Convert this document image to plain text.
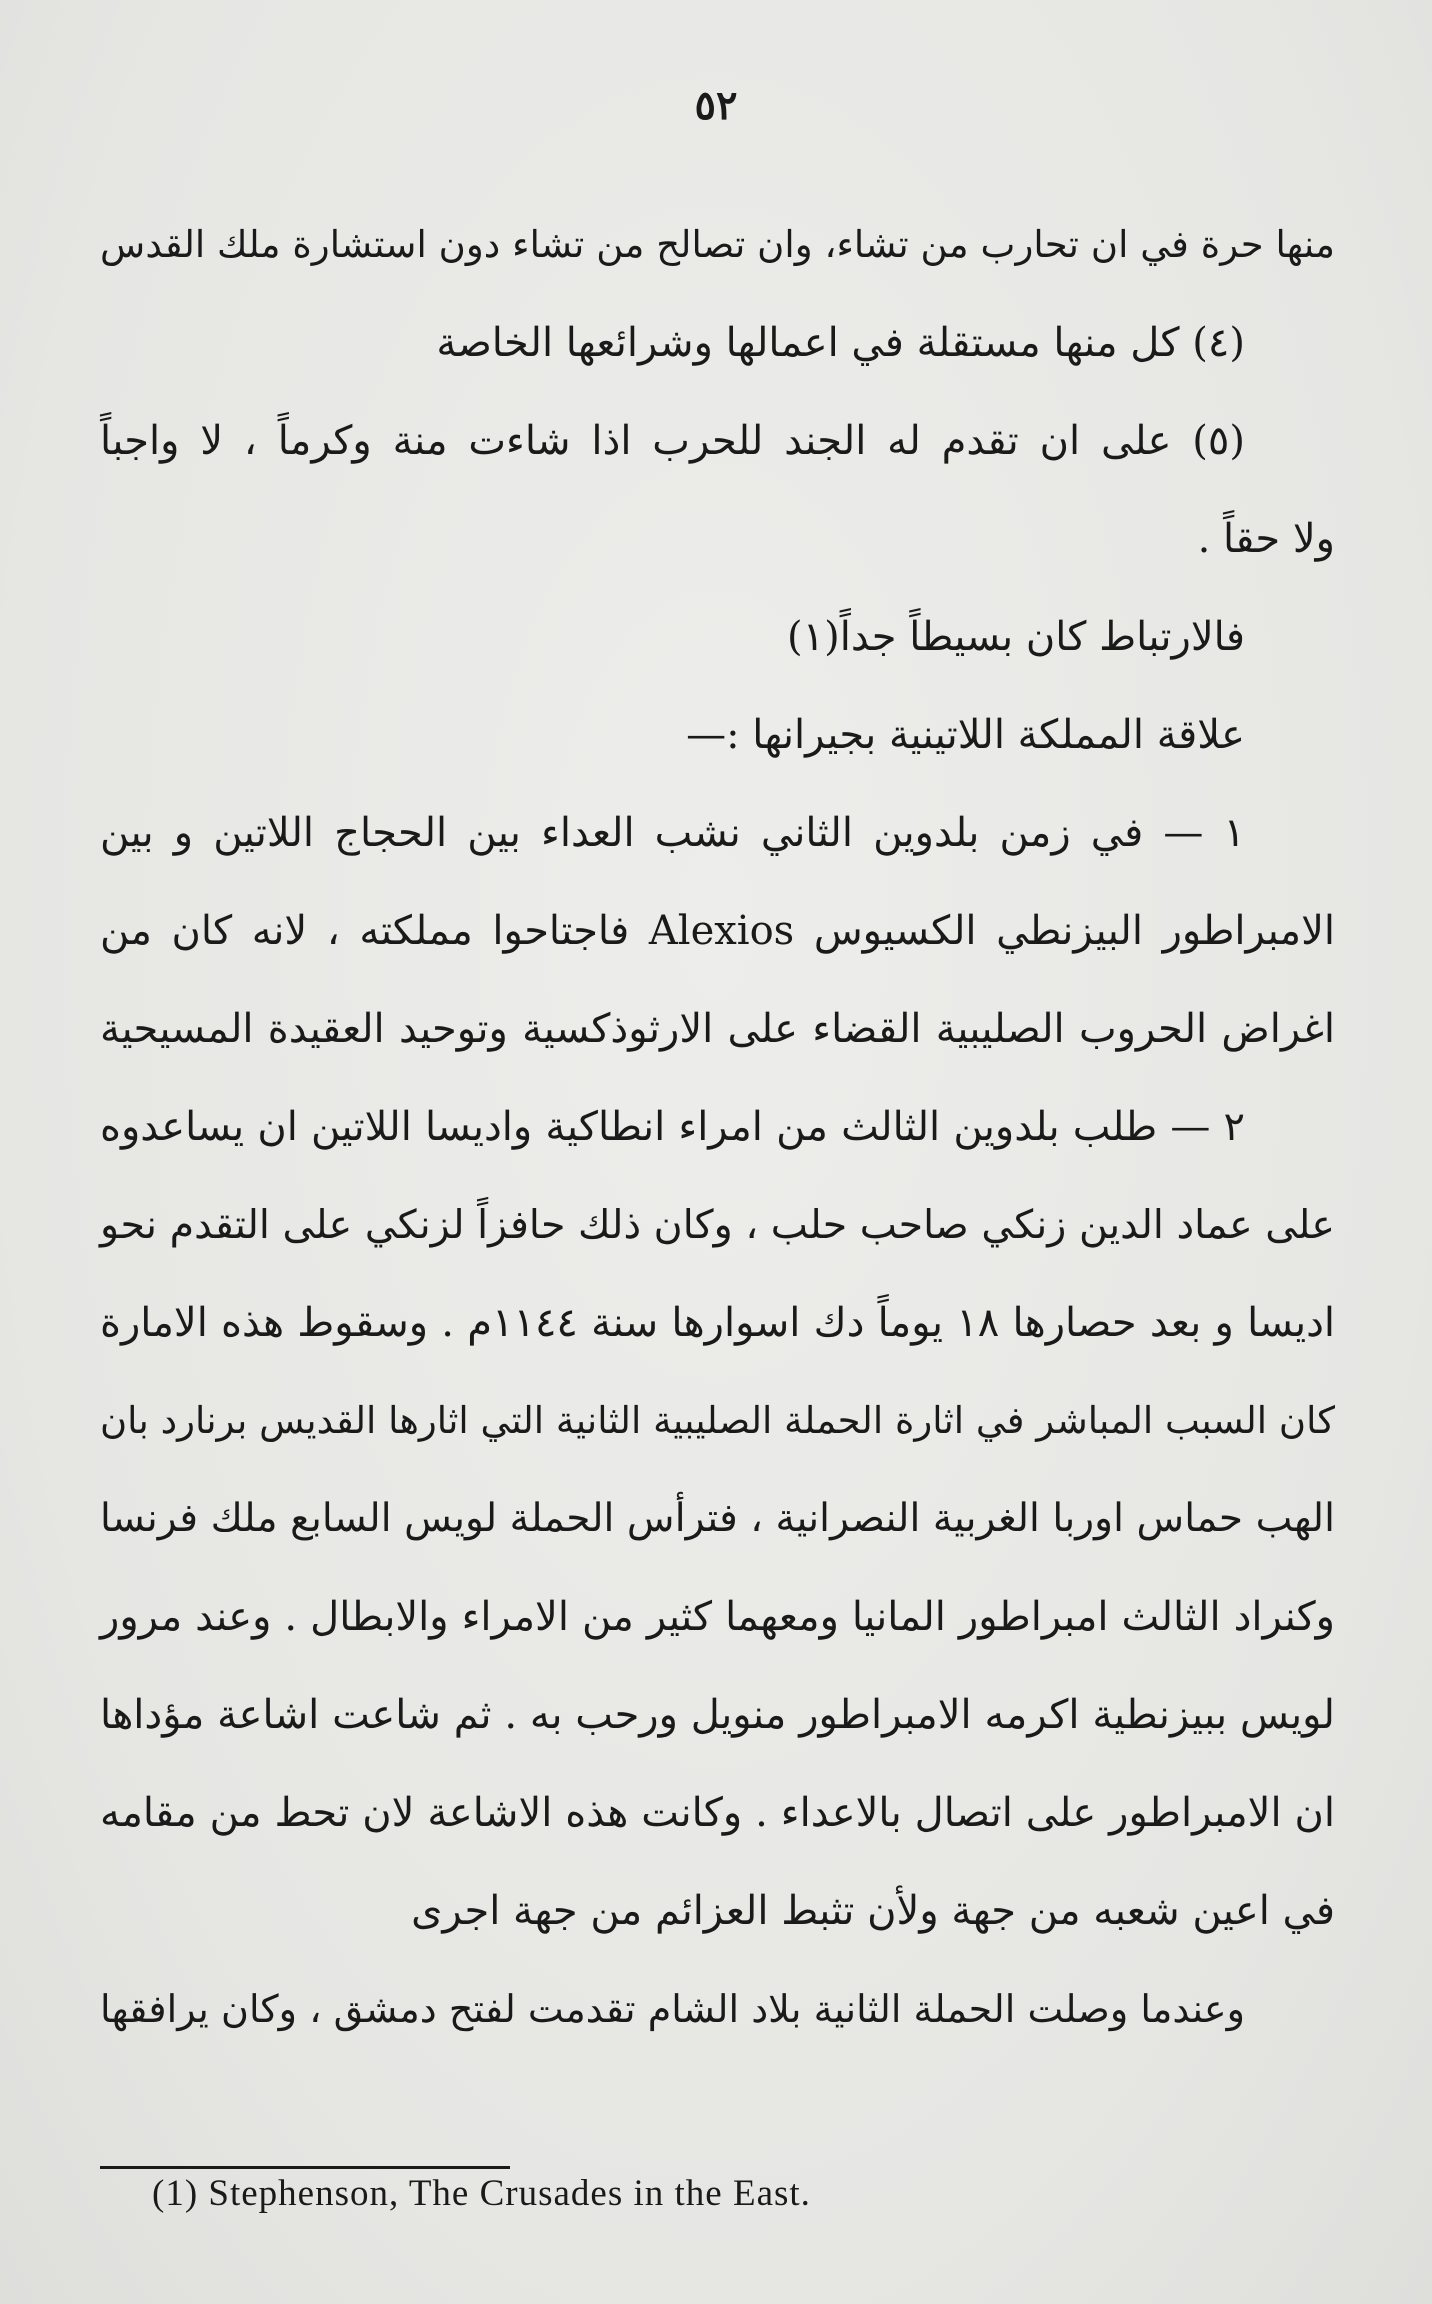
٥٢
منها حرة في ان تحارب من تشاء، وان تصالح من تشاء دون استشارة ملك القدس
(٤) كل منها مستقلة في اعمالها وشرائعها الخاصة
(٥) على ان تقدم له الجند للحرب اذا شاءت منة وكرماً ، لا واجباً
ولا حقاً .
فالارتباط كان بسيطاً جداً(١)
علاقة المملكة اللاتينية بجيرانها :—
١ — في زمن بلدوين الثاني نشب العداء بين الحجاج اللاتين و بين
الامبراطور البيزنطي الكسيوس Alexios فاجتاحوا مملكته ، لانه كان من
اغراض الحروب الصليبية القضاء على الارثوذكسية وتوحيد العقيدة المسيحية
٢ — طلب بلدوين الثالث من امراء انطاكية واديسا اللاتين ان يساعدوه
على عماد الدين زنكي صاحب حلب ، وكان ذلك حافزاً لزنكي على التقدم نحو
اديسا و بعد حصارها ١٨ يوماً دك اسوارها سنة ١١٤٤م . وسقوط هذه الامارة
كان السبب المباشر في اثارة الحملة الصليبية الثانية التي اثارها القديس برنارد بان
الهب حماس اوربا الغربية النصرانية ، فترأس الحملة لويس السابع ملك فرنسا
وكنراد الثالث امبراطور المانيا ومعهما كثير من الامراء والابطال . وعند مرور
لويس ببيزنطية اكرمه الامبراطور منويل ورحب به . ثم شاعت اشاعة مؤداها
ان الامبراطور على اتصال بالاعداء . وكانت هذه الاشاعة لان تحط من مقامه
في اعين شعبه من جهة ولأن تثبط العزائم من جهة اجرى
وعندما وصلت الحملة الثانية بلاد الشام تقدمت لفتح دمشق ، وكان يرافقها
(1) Stephenson, The Crusades in the East.
